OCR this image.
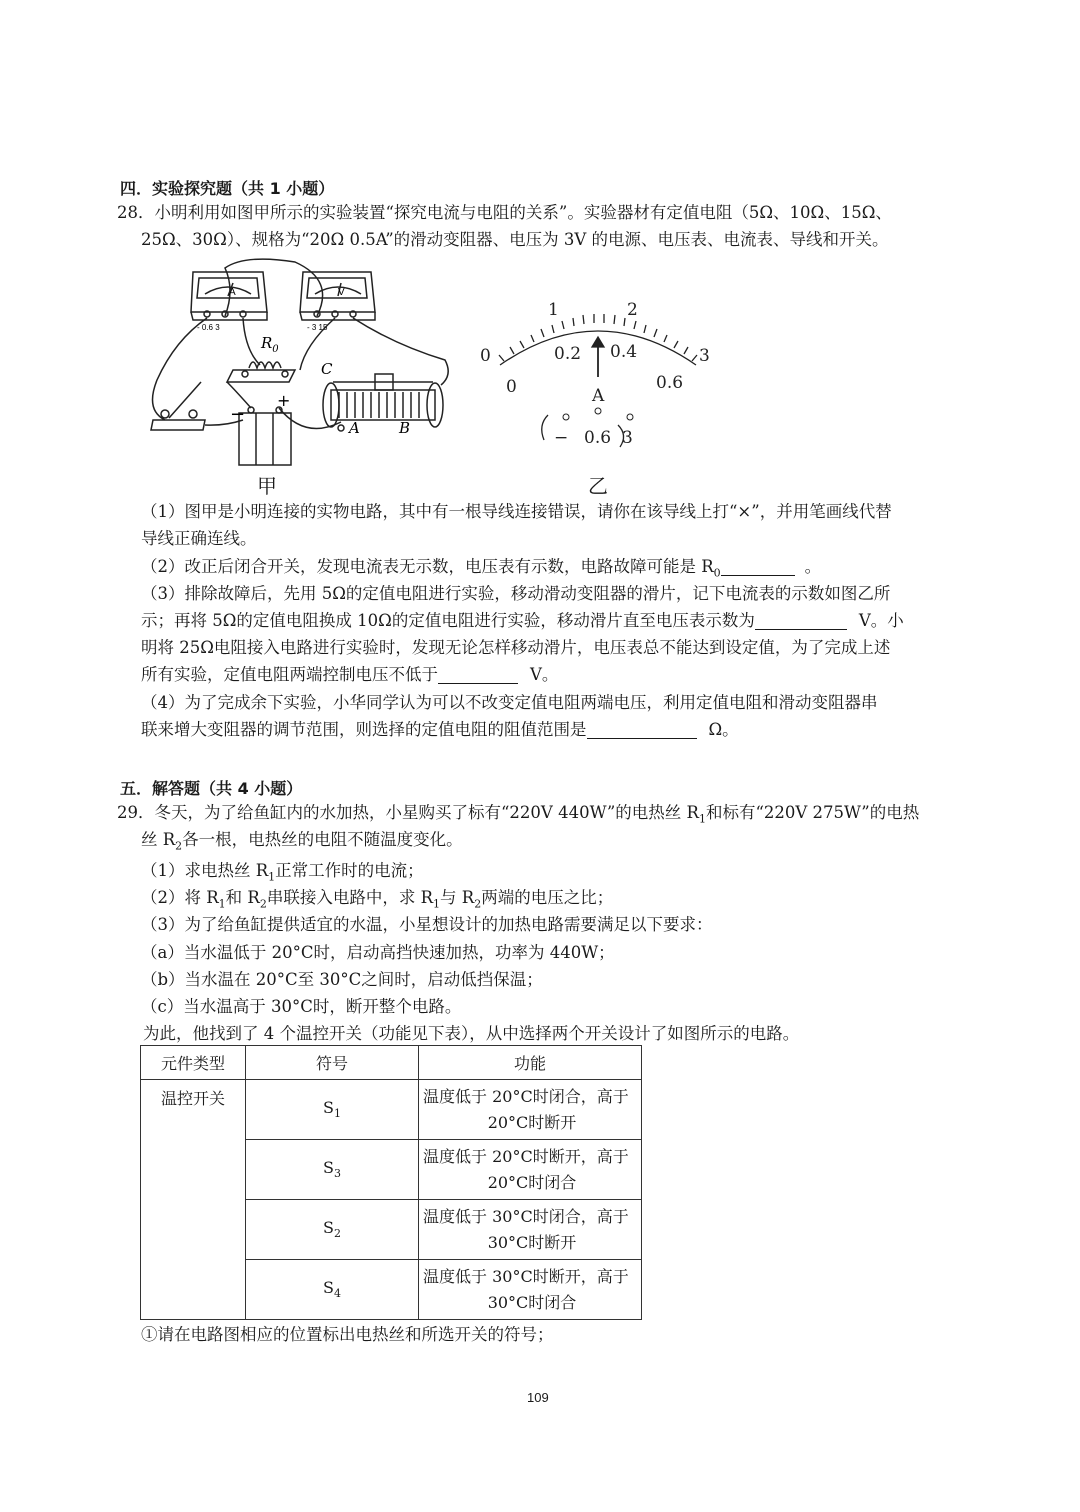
四．实验探究题（共 1 小题）
28．小明利用如图甲所示的实验装置“探究电流与电阻的关系”。实验器材有定值电阻（5Ω、10Ω、15Ω、
25Ω、30Ω）、规格为“20Ω 0.5A”的滑动变阻器、电压为 3V 的电源、电压表、电流表、导线和开关。
A	V
$R_0$
C
A	B
−
+
- 0.6 3	- 3 15
甲
0
1	2
3
0
0.2 0.4
0.6
A
− 0.6 3
乙
（1）图甲是小明连接的实物电路，其中有一根导线连接错误，请你在该导线上打“×”，并用笔画线代替
导线正确连线。
（2）改正后闭合开关，发现电流表无示数，电压表有示数，电路故障可能是 $R_0$	。
（3）排除故障后，先用 5Ω的定值电阻进行实验，移动滑动变阻器的滑片，记下电流表的示数如图乙所
示；再将 5Ω的定值电阻换成 10Ω的定值电阻进行实验，移动滑片直至电压表示数为	V。小
明将 25Ω电阻接入电路进行实验时，发现无论怎样移动滑片，电压表总不能达到设定值，为了完成上述
所有实验，定值电阻两端控制电压不低于	V。
（4）为了完成余下实验，小华同学认为可以不改变定值电阻两端电压，利用定值电阻和滑动变阻器串
联来增大变阻器的调节范围，则选择的定值电阻的阻值范围是	Ω。
五．解答题（共 4 小题）
29．冬天，为了给鱼缸内的水加热，小星购买了标有“220V 440W”的电热丝 $R_1$和标有“220V 275W”的电热
丝 $R_2$各一根，电热丝的电阻不随温度变化。
（1）求电热丝 $R_1$正常工作时的电流；
（2）将 $R_1$和 $R_2$串联接入电路中，求 $R_1$与 $R_2$两端的电压之比；
（3）为了给鱼缸提供适宜的水温，小星想设计的加热电路需要满足以下要求：
（a）当水温低于 20°C时，启动高挡快速加热，功率为 440W；
（b）当水温在 20°C至 30°C之间时，启动低挡保温；
（c）当水温高于 30°C时，断开整个电路。
为此，他找到了 4 个温控开关（功能见下表），从中选择两个开关设计了如图所示的电路。
元件类型	符号	功能
温控开关	$S_1$	温度低于 20°C时闭合，高于
20°C时断开

	$S_3$	温度低于 20°C时断开，高于
20°C时闭合

	$S_2$	温度低于 30°C时闭合，高于
30°C时断开

	$S_4$	温度低于 30°C时断开，高于
30°C时闭合
①请在电路图相应的位置标出电热丝和所选开关的符号；
109
